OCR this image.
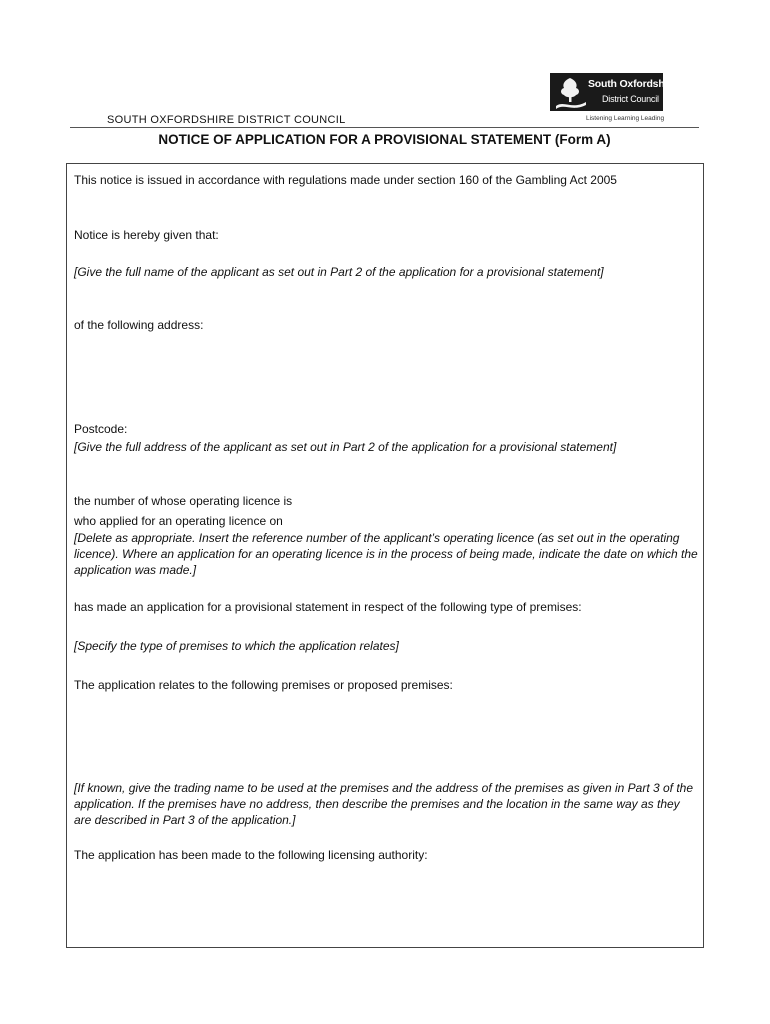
South Oxfordshire
District Council
Listening Learning Leading
SOUTH OXFORDSHIRE DISTRICT COUNCIL
NOTICE OF APPLICATION FOR A PROVISIONAL STATEMENT (Form A)
This notice is issued in accordance with regulations made under section 160 of the Gambling Act 2005
Notice is hereby given that:
[Give the full name of the applicant as set out in Part 2 of the application for a provisional statement]
of the following address:
Postcode:
[Give the full address of the applicant as set out in Part 2 of the application for a provisional statement]
the number of whose operating licence is
who applied for an operating licence on
[Delete as appropriate. Insert the reference number of the applicant’s operating licence (as set out in the operating licence). Where an application for an operating licence is in the process of being made, indicate the date on which the application was made.]
has made an application for a provisional statement in respect of the following type of premises:
[Specify the type of premises to which the application relates]
The application relates to the following premises or proposed premises:
[If known, give the trading name to be used at the premises and the address of the premises as given in Part 3 of the application. If the premises have no address, then describe the premises and the location in the same way as they are described in Part 3 of the application.]
The application has been made to the following licensing authority:
